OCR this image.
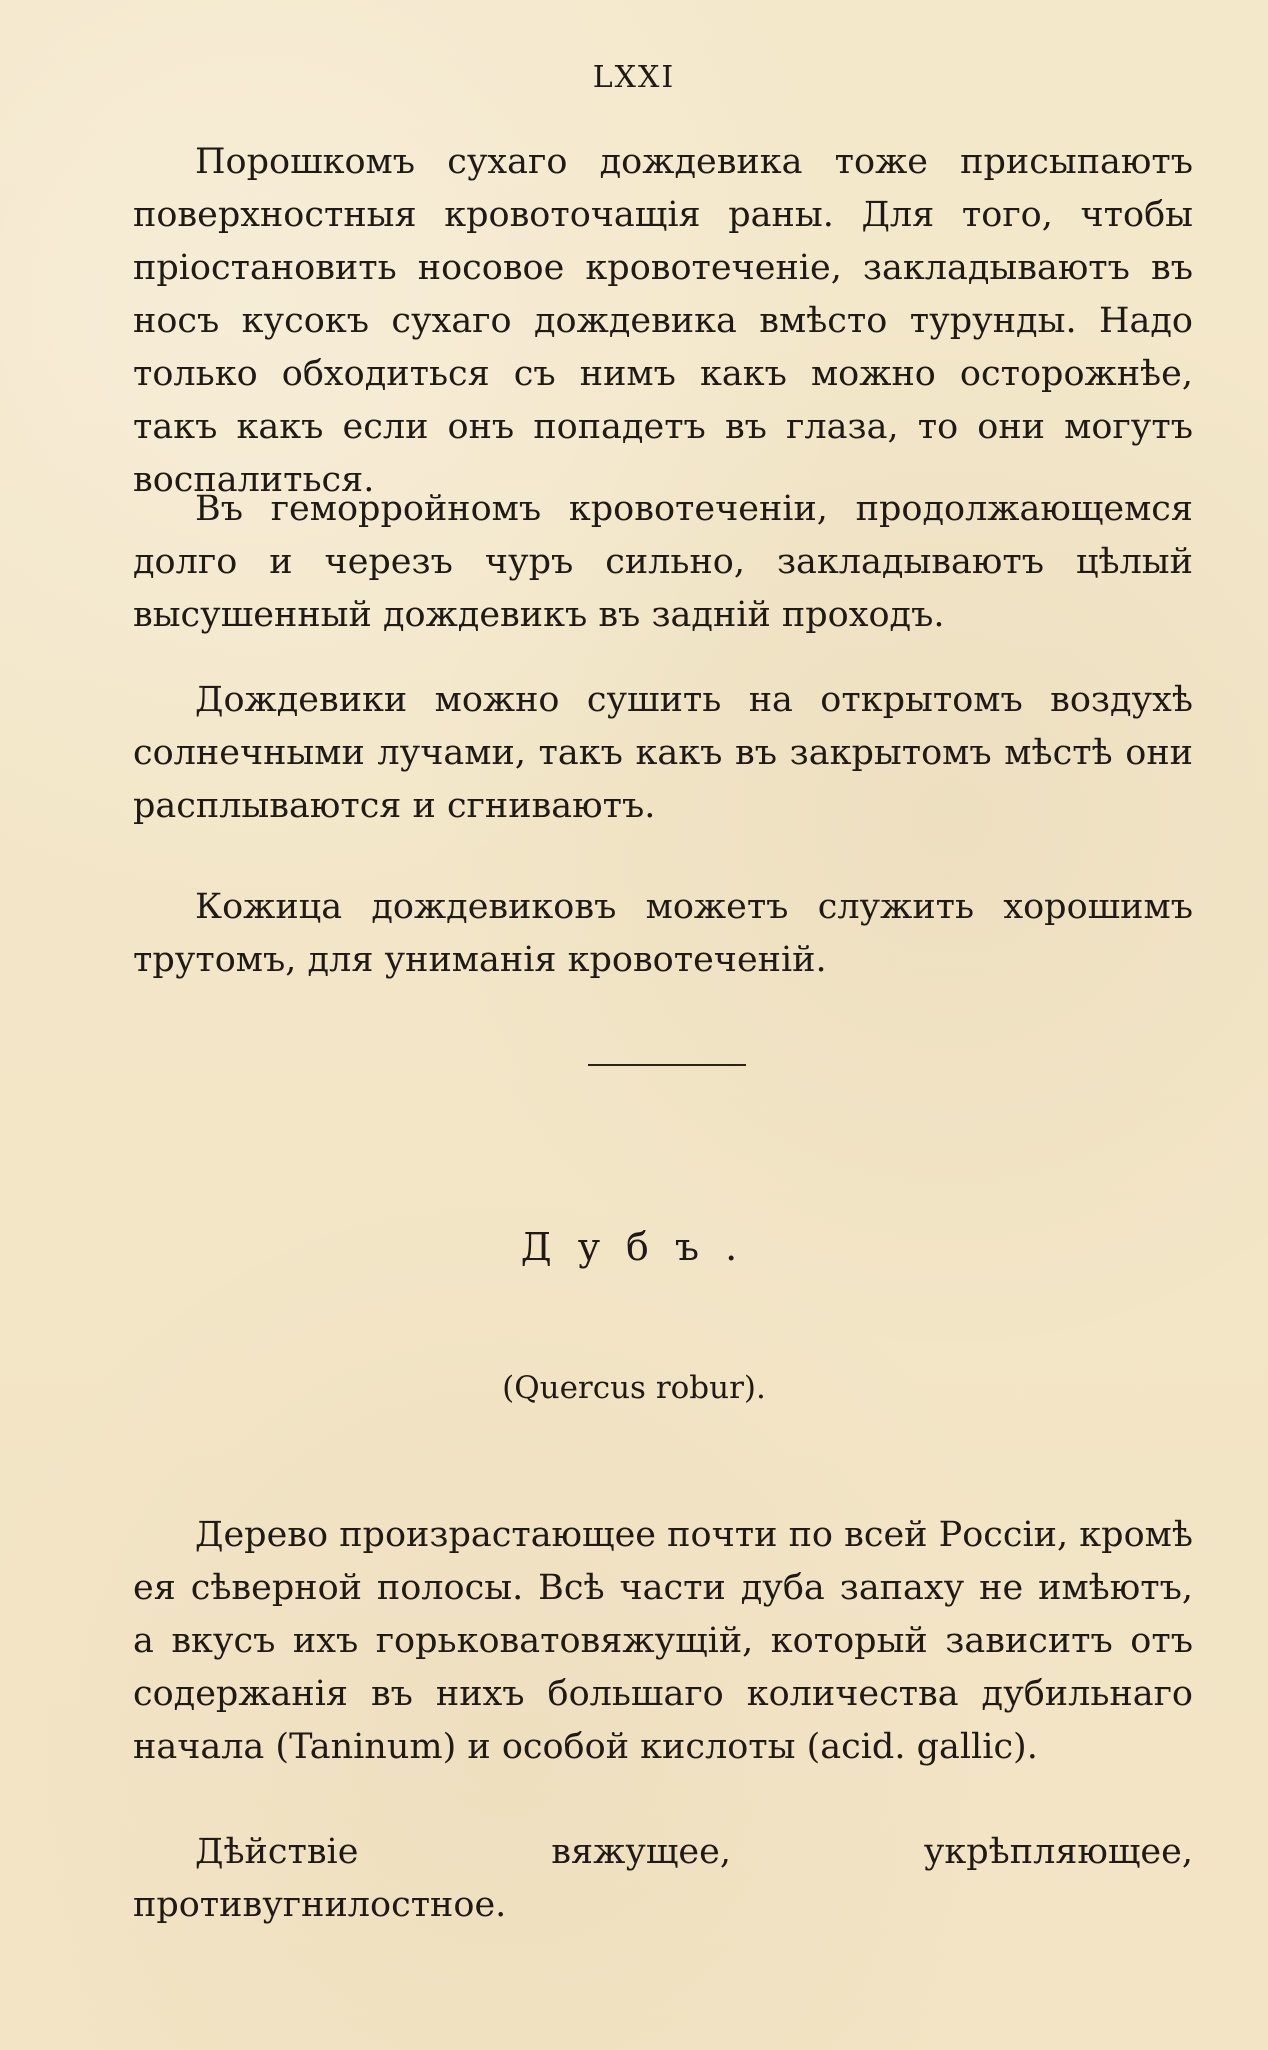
LXXI

Порошкомъ сухаго дождевика тоже присыпаютъ поверхностныя кровоточащія раны. Для того, чтобы пріостановить носовое кровотеченіе, закладываютъ въ носъ кусокъ сухаго дождевика вмѣсто турунды. Надо только обходиться съ нимъ какъ можно осторожнѣе, такъ какъ если онъ попадетъ въ глаза, то они могутъ воспалиться.

Въ геморройномъ кровотеченіи, продолжающемся долго и черезъ чуръ сильно, закладываютъ цѣлый высушенный дождевикъ въ заднiй проходъ.

Дождевики можно сушить на открытомъ воздухѣ солнечными лучами, такъ какъ въ закрытомъ мѣстѣ они расплываются и сгниваютъ.

Кожица дождевиковъ можетъ служить хорошимъ трутомъ, для униманія кровотеченій.

Дубъ.
(Quercus robur).

Дерево произрастающее почти по всей Россіи, кромѣ ея сѣверной полосы. Всѣ части дуба запаху не имѣютъ, а вкусъ ихъ горьковатовяжущій, который зависитъ отъ содержанія въ нихъ большаго количества дубильнаго начала (Taninum) и особой кислоты (acid. gallic).

Дѣйствіе вяжущее, укрѣпляющее, противугнилостное.
